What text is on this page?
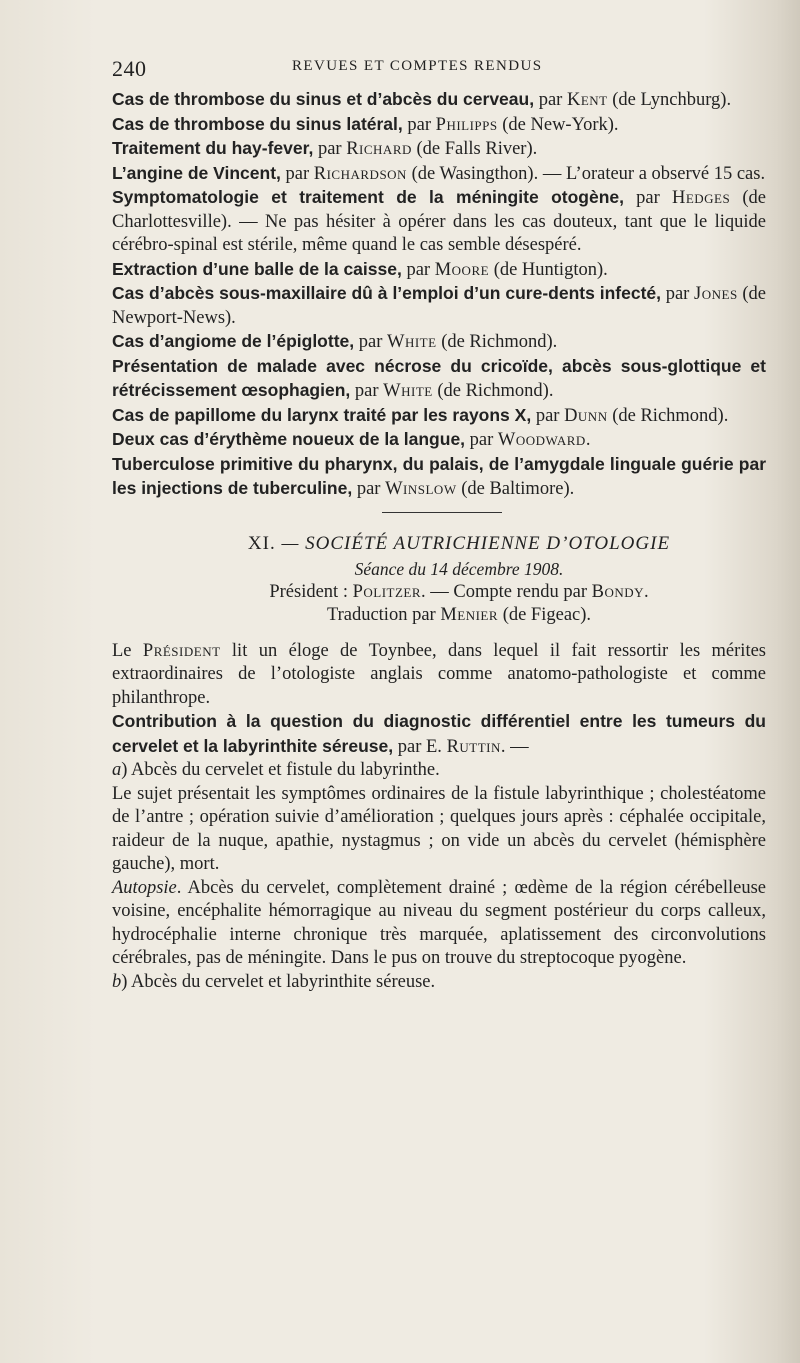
240	REVUES ET COMPTES RENDUS

Cas de thrombose du sinus et d’abcès du cerveau, par Kent (de Lynchburg).

Cas de thrombose du sinus latéral, par Philipps (de New-York).

Traitement du hay-fever, par Richard (de Falls River).

L’angine de Vincent, par Richardson (de Wasingthon). — L’orateur a observé 15 cas.

Symptomatologie et traitement de la méningite otogène, par Hedges (de Charlottesville). — Ne pas hésiter à opérer dans les cas douteux, tant que le liquide cérébro-spinal est stérile, même quand le cas semble désespéré.

Extraction d’une balle de la caisse, par Moore (de Huntigton).

Cas d’abcès sous-maxillaire dû à l’emploi d’un cure-dents infecté, par Jones (de Newport-News).

Cas d’angiome de l’épiglotte, par White (de Richmond).

Présentation de malade avec nécrose du cricoïde, abcès sous-glottique et rétrécissement œsophagien, par White (de Richmond).

Cas de papillome du larynx traité par les rayons X, par Dunn (de Richmond).

Deux cas d’érythème noueux de la langue, par Woodward.

Tuberculose primitive du pharynx, du palais, de l’amygdale linguale guérie par les injections de tuberculine, par Winslow (de Baltimore).

XI. — SOCIÉTÉ AUTRICHIENNE D’OTOLOGIE
Séance du 14 décembre 1908.
Président : Politzer. — Compte rendu par Bondy.
Traduction par Menier (de Figeac).

Le Président lit un éloge de Toynbee, dans lequel il fait ressortir les mérites extraordinaires de l’otologiste anglais comme anatomo-pathologiste et comme philanthrope.

Contribution à la question du diagnostic différentiel entre les tumeurs du cervelet et la labyrinthite séreuse, par E. Ruttin. —

a) Abcès du cervelet et fistule du labyrinthe.

Le sujet présentait les symptômes ordinaires de la fistule labyrinthique ; cholestéatome de l’antre ; opération suivie d’amélioration ; quelques jours après : céphalée occipitale, raideur de la nuque, apathie, nystagmus ; on vide un abcès du cervelet (hémisphère gauche), mort.

Autopsie. Abcès du cervelet, complètement drainé ; œdème de la région cérébelleuse voisine, encéphalite hémorragique au niveau du segment postérieur du corps calleux, hydrocéphalie interne chronique très marquée, aplatissement des circonvolutions cérébrales, pas de méningite. Dans le pus on trouve du streptocoque pyogène.

b) Abcès du cervelet et labyrinthite séreuse.
